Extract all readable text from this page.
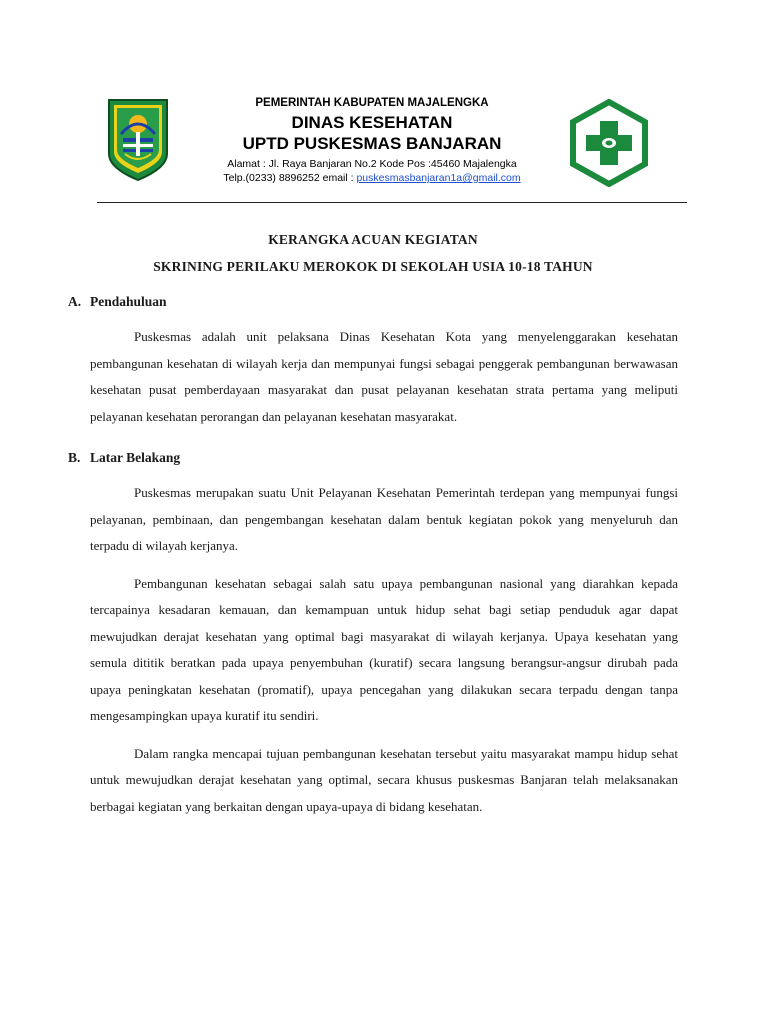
PEMERINTAH KABUPATEN MAJALENGKA
DINAS KESEHATAN
UPTD PUSKESMAS BANJARAN
Alamat : Jl. Raya Banjaran No.2 Kode Pos :45460 Majalengka
Telp.(0233) 8896252 email : puskesmasbanjaran1a@gmail.com
KERANGKA ACUAN KEGIATAN
SKRINING PERILAKU MEROKOK DI SEKOLAH USIA 10-18 TAHUN
A. Pendahuluan
Puskesmas adalah unit pelaksana Dinas Kesehatan Kota yang menyelenggarakan kesehatan pembangunan kesehatan di wilayah kerja dan mempunyai fungsi sebagai penggerak pembangunan berwawasan kesehatan pusat pemberdayaan masyarakat dan pusat pelayanan kesehatan strata pertama yang meliputi pelayanan kesehatan perorangan dan pelayanan kesehatan masyarakat.
B. Latar Belakang
Puskesmas merupakan suatu Unit Pelayanan Kesehatan Pemerintah terdepan yang mempunyai fungsi pelayanan, pembinaan, dan pengembangan kesehatan dalam bentuk kegiatan pokok yang menyeluruh dan terpadu di wilayah kerjanya.
Pembangunan kesehatan sebagai salah satu upaya pembangunan nasional yang diarahkan kepada tercapainya kesadaran kemauan, dan kemampuan untuk hidup sehat bagi setiap penduduk agar dapat mewujudkan derajat kesehatan yang optimal bagi masyarakat di wilayah kerjanya. Upaya kesehatan yang semula dititik beratkan pada upaya penyembuhan (kuratif) secara langsung berangsur-angsur dirubah pada upaya peningkatan kesehatan (promatif), upaya pencegahan yang dilakukan secara terpadu dengan tanpa mengesampingkan upaya kuratif itu sendiri.
Dalam rangka mencapai tujuan pembangunan kesehatan tersebut yaitu masyarakat mampu hidup sehat untuk mewujudkan derajat kesehatan yang optimal, secara khusus puskesmas Banjaran telah melaksanakan berbagai kegiatan yang berkaitan dengan upaya-upaya di bidang kesehatan.
